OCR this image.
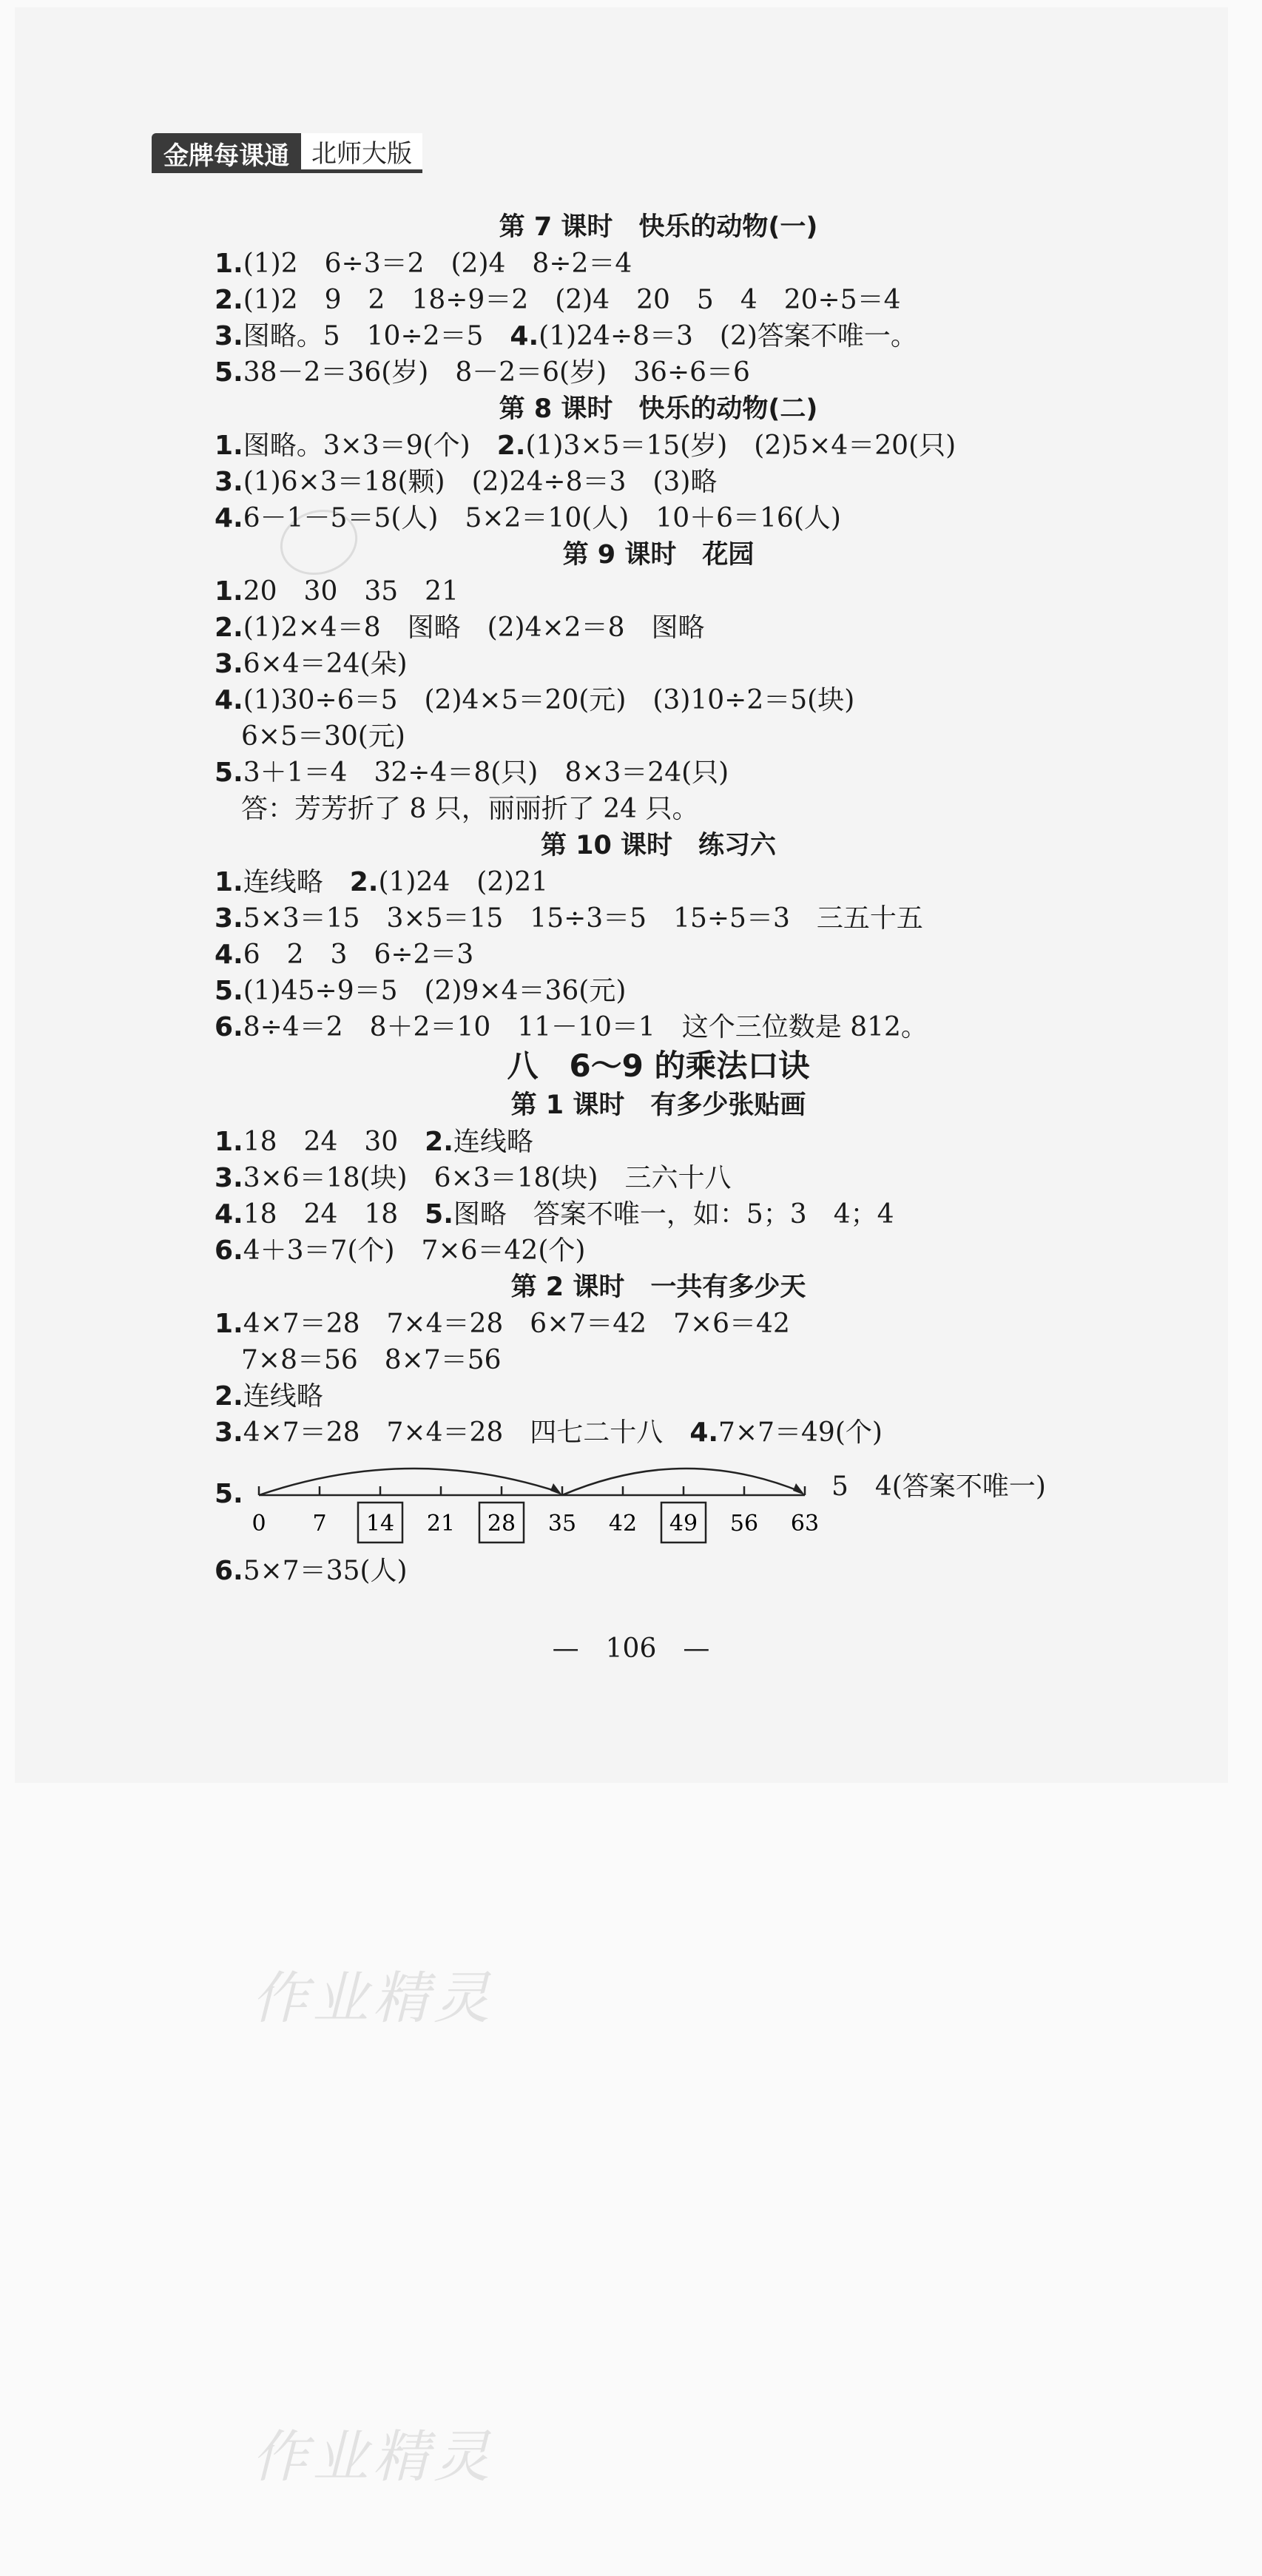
金牌每课通 北师大版
第 7 课时　快乐的动物(一)
1.(1)2　6÷3＝2　(2)4　8÷2＝4
2.(1)2　9　2　18÷9＝2　(2)4　20　5　4　20÷5＝4
3.图略。5　10÷2＝5　4.(1)24÷8＝3　(2)答案不唯一。
5.38－2＝36(岁)　8－2＝6(岁)　36÷6＝6
第 8 课时　快乐的动物(二)
1.图略。3×3＝9(个)　2.(1)3×5＝15(岁)　(2)5×4＝20(只)
3.(1)6×3＝18(颗)　(2)24÷8＝3　(3)略
4.6－1－5＝5(人)　5×2＝10(人)　10＋6＝16(人)
第 9 课时　花园
1.20　30　35　21
2.(1)2×4＝8　图略　(2)4×2＝8　图略
3.6×4＝24(朵)
4.(1)30÷6＝5　(2)4×5＝20(元)　(3)10÷2＝5(块)
6×5＝30(元)
5.3＋1＝4　32÷4＝8(只)　8×3＝24(只)
答：芳芳折了 8 只，丽丽折了 24 只。
第 10 课时　练习六
1.连线略　2.(1)24　(2)21
3.5×3＝15　3×5＝15　15÷3＝5　15÷5＝3　三五十五
4.6　2　3　6÷2＝3
5.(1)45÷9＝5　(2)9×4＝36(元)
6.8÷4＝2　8＋2＝10　11－10＝1　这个三位数是 812。
八　6～9 的乘法口诀
第 1 课时　有多少张贴画
1.18　24　30　2.连线略
3.3×6＝18(块)　6×3＝18(块)　三六十八
4.18　24　18　5.图略　答案不唯一，如：5；3　4；4
6.4＋3＝7(个)　7×6＝42(个)
第 2 课时　一共有多少天
1.4×7＝28　7×4＝28　6×7＝42　7×6＝42
7×8＝56　8×7＝56
2.连线略
3.4×7＝28　7×4＝28　四七二十八　4.7×7＝49(个)
5.
0 7 14 21 28 35 42 49 56 63
5　4(答案不唯一)
6.5×7＝35(人)
—　106　—
作业精灵
作业精灵
